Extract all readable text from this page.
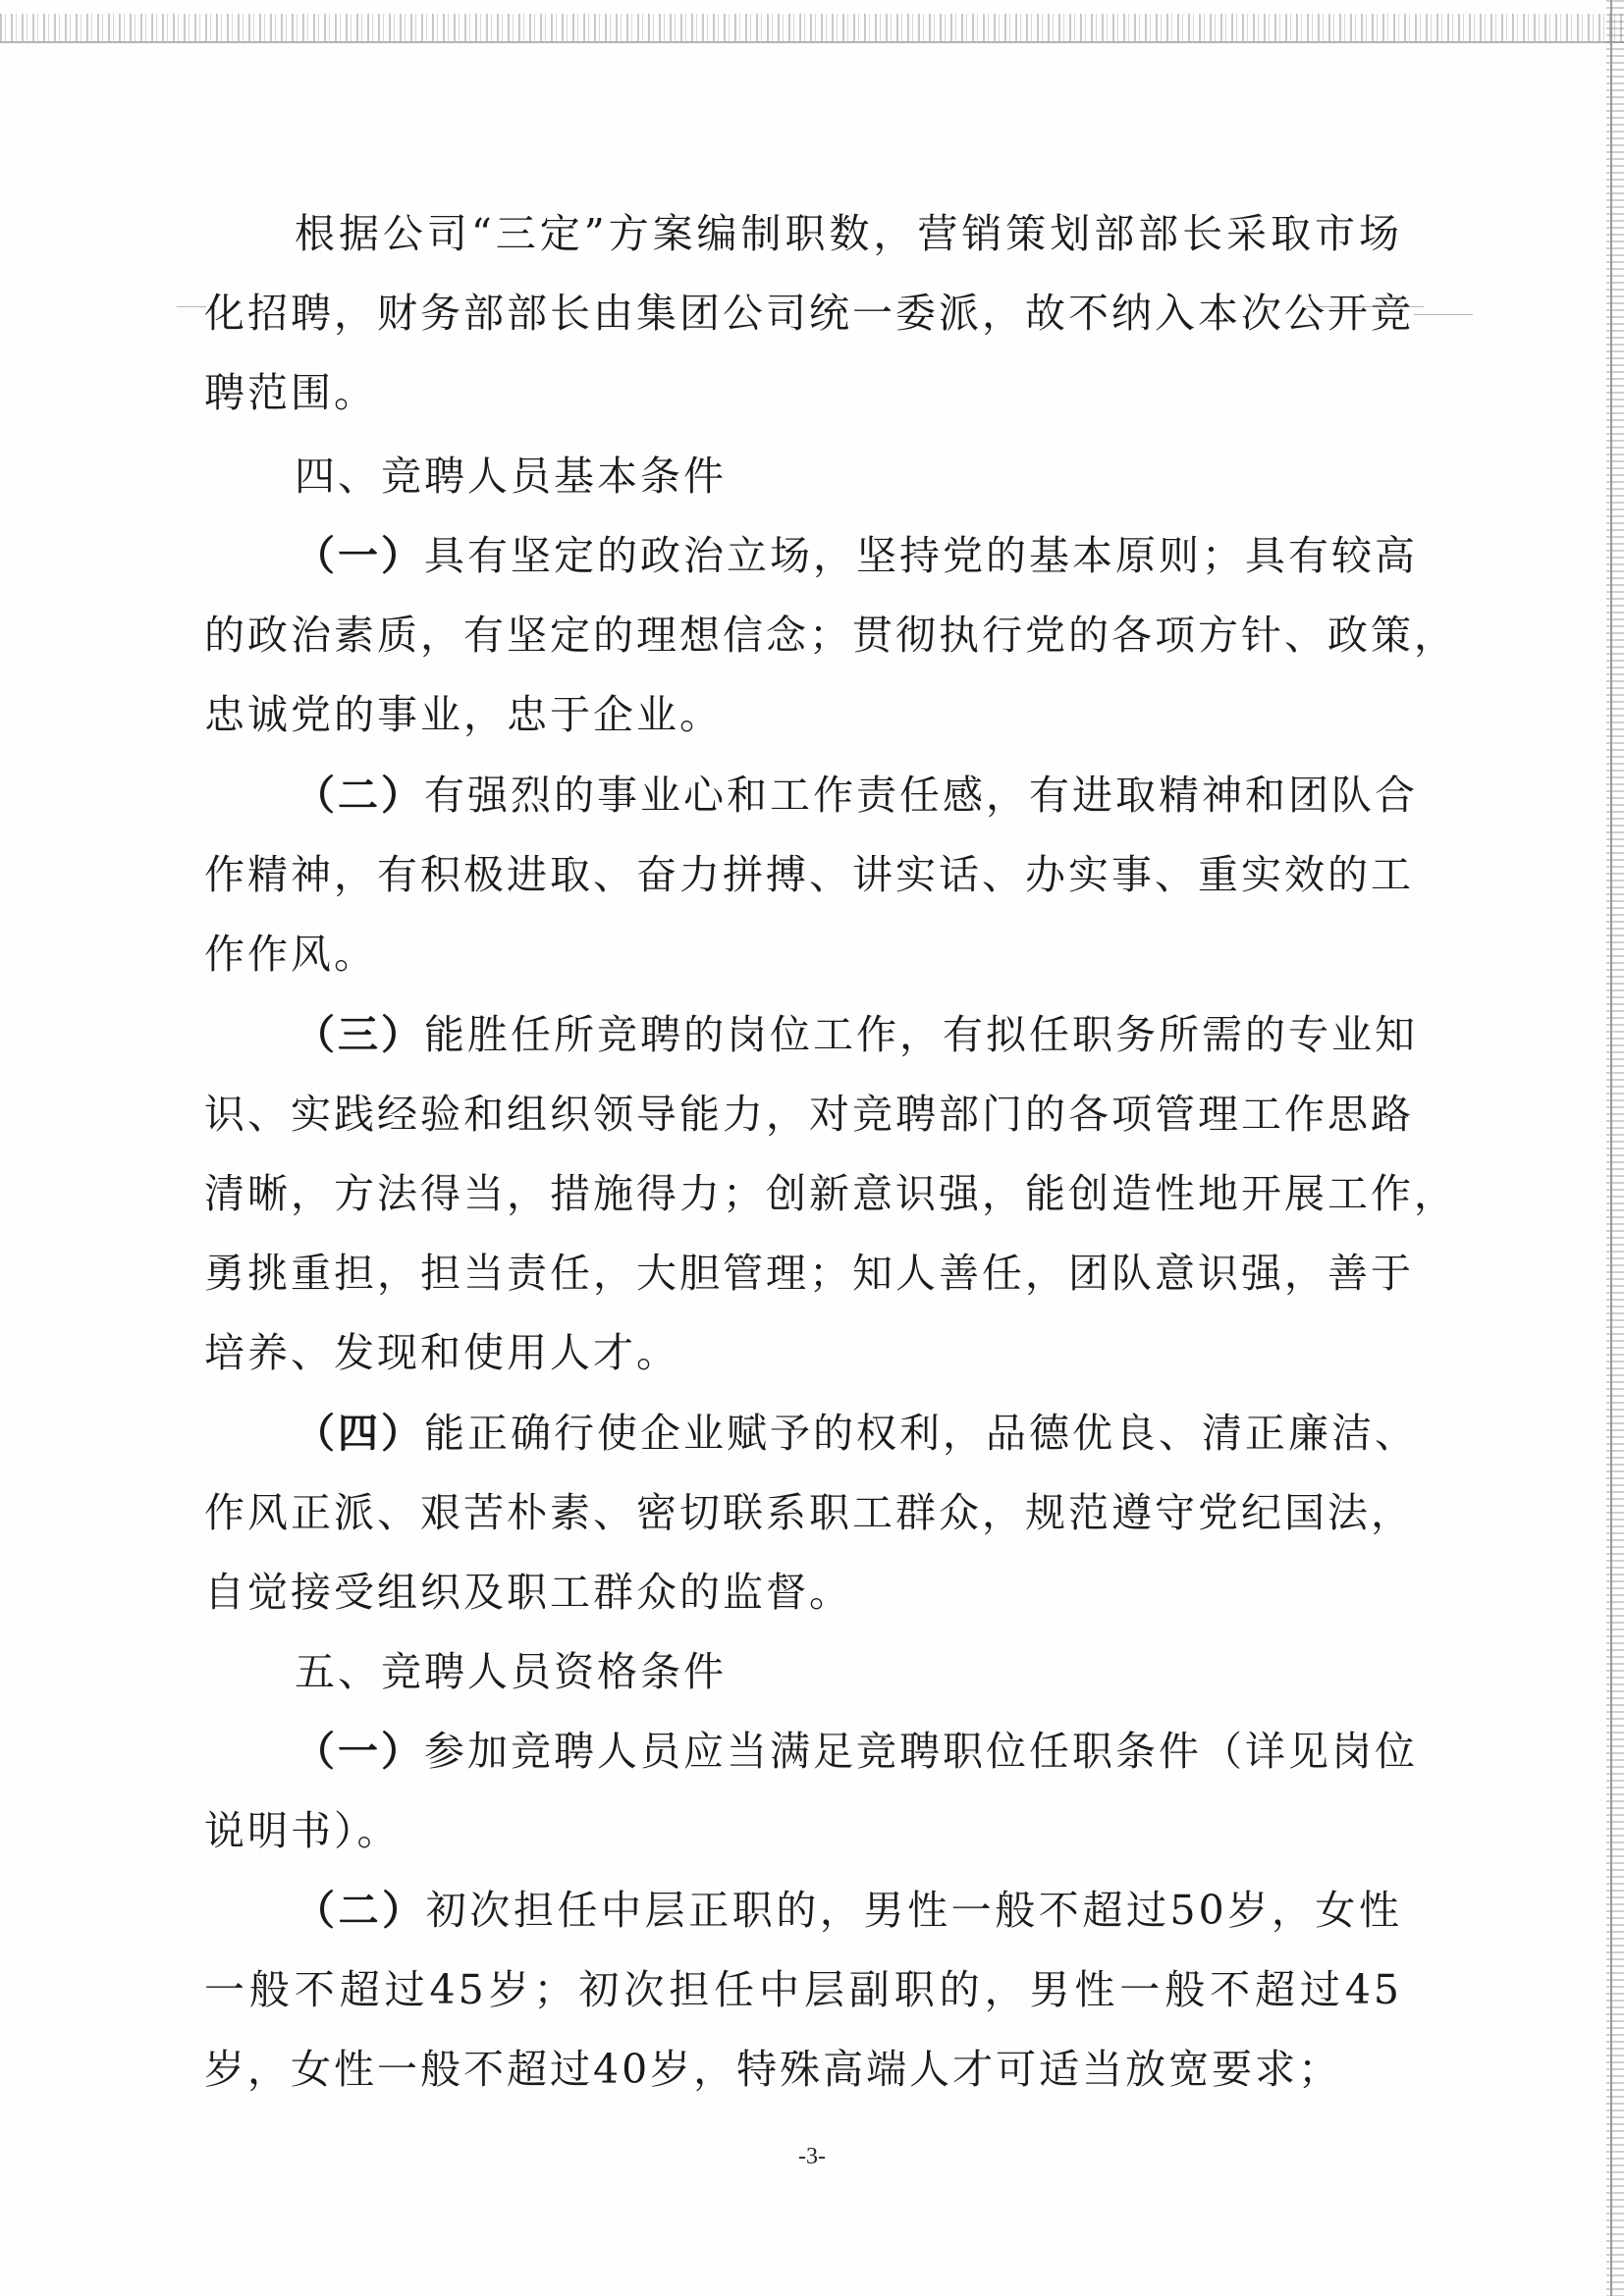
根据公司“三定”方案编制职数，营销策划部部长采取市场
化招聘，财务部部长由集团公司统一委派，故不纳入本次公开竞
聘范围。

四、竞聘人员基本条件

（一）具有坚定的政治立场，坚持党的基本原则；具有较高
的政治素质，有坚定的理想信念；贯彻执行党的各项方针、政策，
忠诚党的事业，忠于企业。

（二）有强烈的事业心和工作责任感，有进取精神和团队合
作精神，有积极进取、奋力拼搏、讲实话、办实事、重实效的工
作作风。

（三）能胜任所竞聘的岗位工作，有拟任职务所需的专业知
识、实践经验和组织领导能力，对竞聘部门的各项管理工作思路
清晰，方法得当，措施得力；创新意识强，能创造性地开展工作，
勇挑重担，担当责任，大胆管理；知人善任，团队意识强，善于
培养、发现和使用人才。

（四）能正确行使企业赋予的权利，品德优良、清正廉洁、
作风正派、艰苦朴素、密切联系职工群众，规范遵守党纪国法，
自觉接受组织及职工群众的监督。

五、竞聘人员资格条件

（一）参加竞聘人员应当满足竞聘职位任职条件（详见岗位
说明书）。

（二）初次担任中层正职的，男性一般不超过50岁，女性
一般不超过45岁；初次担任中层副职的，男性一般不超过45
岁，女性一般不超过40岁，特殊高端人才可适当放宽要求；

-3-
